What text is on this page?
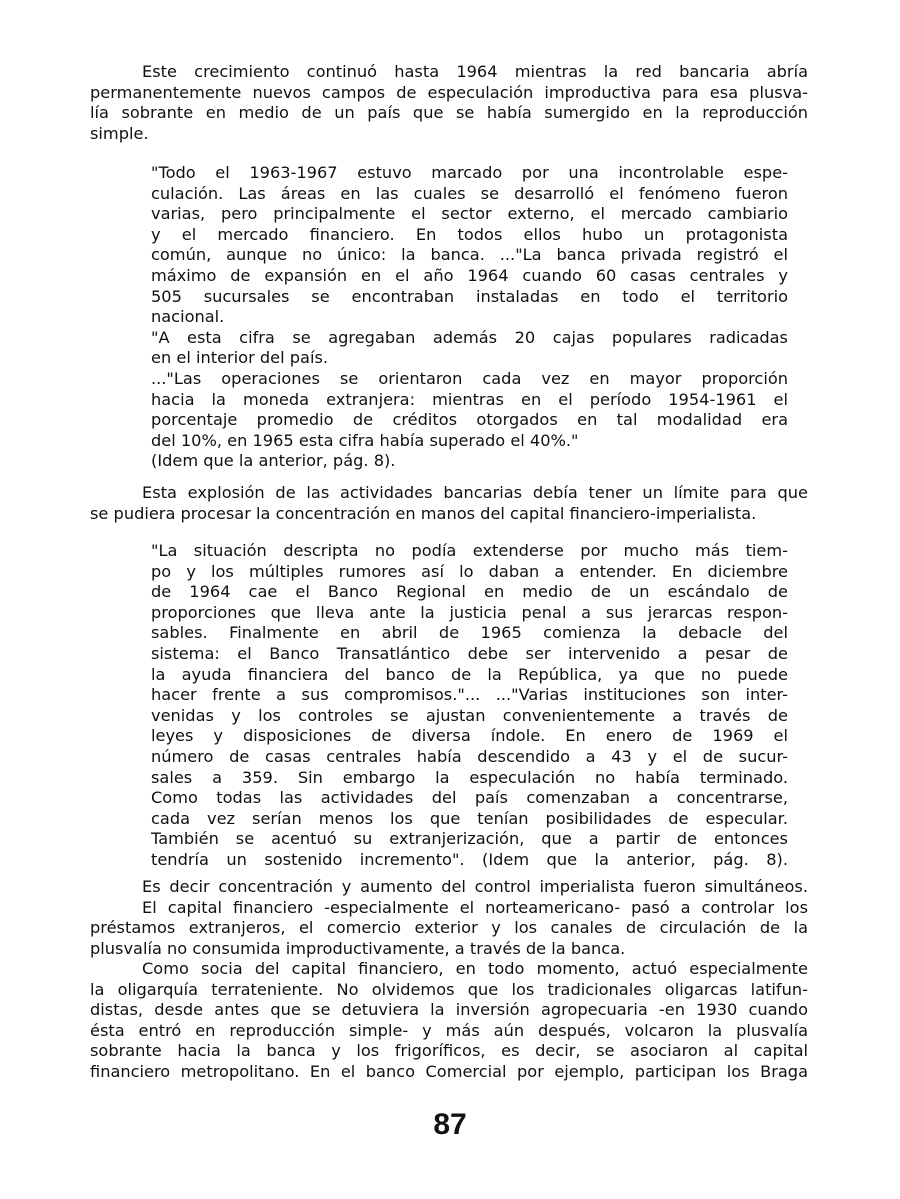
Este crecimiento continuó hasta 1964 mientras la red bancaria abría
permanentemente nuevos campos de especulación improductiva para esa plusva-
lía sobrante en medio de un país que se había sumergido en la reproducción
simple.
"Todo el 1963-1967 estuvo marcado por una incontrolable espe-
culación. Las áreas en las cuales se desarrolló el fenómeno fueron
varias, pero principalmente el sector externo, el mercado cambiario
y el mercado financiero. En todos ellos hubo un protagonista
común, aunque no único: la banca. ..."La banca privada registró el
máximo de expansión en el año 1964 cuando 60 casas centrales y
505 sucursales se encontraban instaladas en todo el territorio
nacional.
"A esta cifra se agregaban además 20 cajas populares radicadas
en el interior del país.
..."Las operaciones se orientaron cada vez en mayor proporción
hacia la moneda extranjera: mientras en el período 1954-1961 el
porcentaje promedio de créditos otorgados en tal modalidad era
del 10%, en 1965 esta cifra había superado el 40%."
(Idem que la anterior, pág. 8).
Esta explosión de las actividades bancarias debía tener un límite para que
se pudiera procesar la concentración en manos del capital financiero-imperialista.
"La situación descripta no podía extenderse por mucho más tiem-
po y los múltiples rumores así lo daban a entender. En diciembre
de 1964 cae el Banco Regional en medio de un escándalo de
proporciones que lleva ante la justicia penal a sus jerarcas respon-
sables. Finalmente en abril de 1965 comienza la debacle del
sistema: el Banco Transatlántico debe ser intervenido a pesar de
la ayuda financiera del banco de la República, ya que no puede
hacer frente a sus compromisos."... ..."Varias instituciones son inter-
venidas y los controles se ajustan convenientemente a través de
leyes y disposiciones de diversa índole. En enero de 1969 el
número de casas centrales había descendido a 43 y el de sucur-
sales a 359. Sin embargo la especulación no había terminado.
Como todas las actividades del país comenzaban a concentrarse,
cada vez serían menos los que tenían posibilidades de especular.
También se acentuó su extranjerización, que a partir de entonces
tendría un sostenido incremento". (Idem que la anterior, pág. 8).
Es decir concentración y aumento del control imperialista fueron simultáneos.
El capital financiero -especialmente el norteamericano- pasó a controlar los
préstamos extranjeros, el comercio exterior y los canales de circulación de la
plusvalía no consumida improductivamente, a través de la banca.
Como socia del capital financiero, en todo momento, actuó especialmente
la oligarquía terrateniente. No olvidemos que los tradicionales oligarcas latifun-
distas, desde antes que se detuviera la inversión agropecuaria -en 1930 cuando
ésta entró en reproducción simple- y más aún después, volcaron la plusvalía
sobrante hacia la banca y los frigoríficos, es decir, se asociaron al capital
financiero metropolitano. En el banco Comercial por ejemplo, participan los Braga
87
